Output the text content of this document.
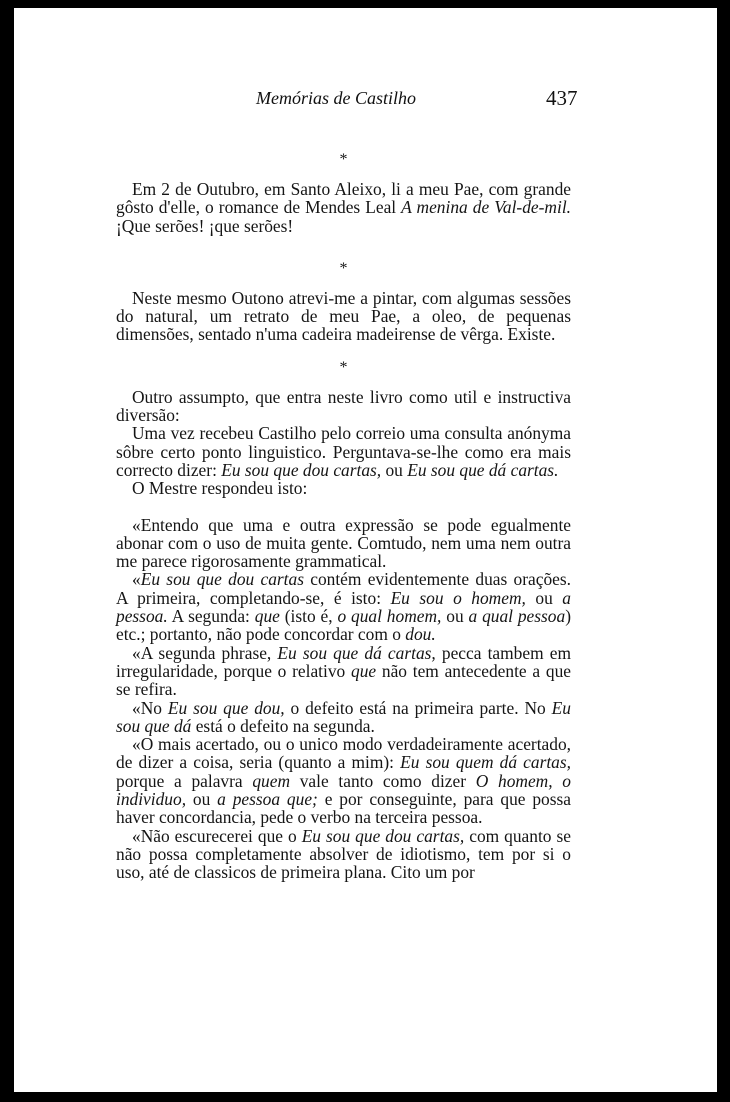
Memórias de Castilho	437

*

Em 2 de Outubro, em Santo Aleixo, li a meu Pae, com grande gôsto d'elle, o romance de Mendes Leal A menina de Val-de-mil. ¡Que serões! ¡que serões!

*

Neste mesmo Outono atrevi-me a pintar, com algumas sessões do natural, um retrato de meu Pae, a oleo, de pequenas dimensões, sentado n'uma cadeira madeirense de vêrga. Existe.

*

Outro assumpto, que entra neste livro como util e instructiva diversão:

Uma vez recebeu Castilho pelo correio uma consulta anónyma sôbre certo ponto linguistico. Perguntava-se-lhe como era mais correcto dizer: Eu sou que dou cartas, ou Eu sou que dá cartas.

O Mestre respondeu isto:

«Entendo que uma e outra expressão se pode egualmente abonar com o uso de muita gente. Comtudo, nem uma nem outra me parece rigorosamente grammatical.

«Eu sou que dou cartas contém evidentemente duas orações. A primeira, completando-se, é isto: Eu sou o homem, ou a pessoa. A segunda: que (isto é, o qual homem, ou a qual pessoa) etc.; portanto, não pode concordar com o dou.

«A segunda phrase, Eu sou que dá cartas, pecca tambem em irregularidade, porque o relativo que não tem antecedente a que se refira.

«No Eu sou que dou, o defeito está na primeira parte. No Eu sou que dá está o defeito na segunda.

«O mais acertado, ou o unico modo verdadeiramente acertado, de dizer a coisa, seria (quanto a mim): Eu sou quem dá cartas, porque a palavra quem vale tanto como dizer O homem, o individuo, ou a pessoa que; e por conseguinte, para que possa haver concordancia, pede o verbo na terceira pessoa.

«Não escurecerei que o Eu sou que dou cartas, com quanto se não possa completamente absolver de idiotismo, tem por si o uso, até de classicos de primeira plana. Cito um por
